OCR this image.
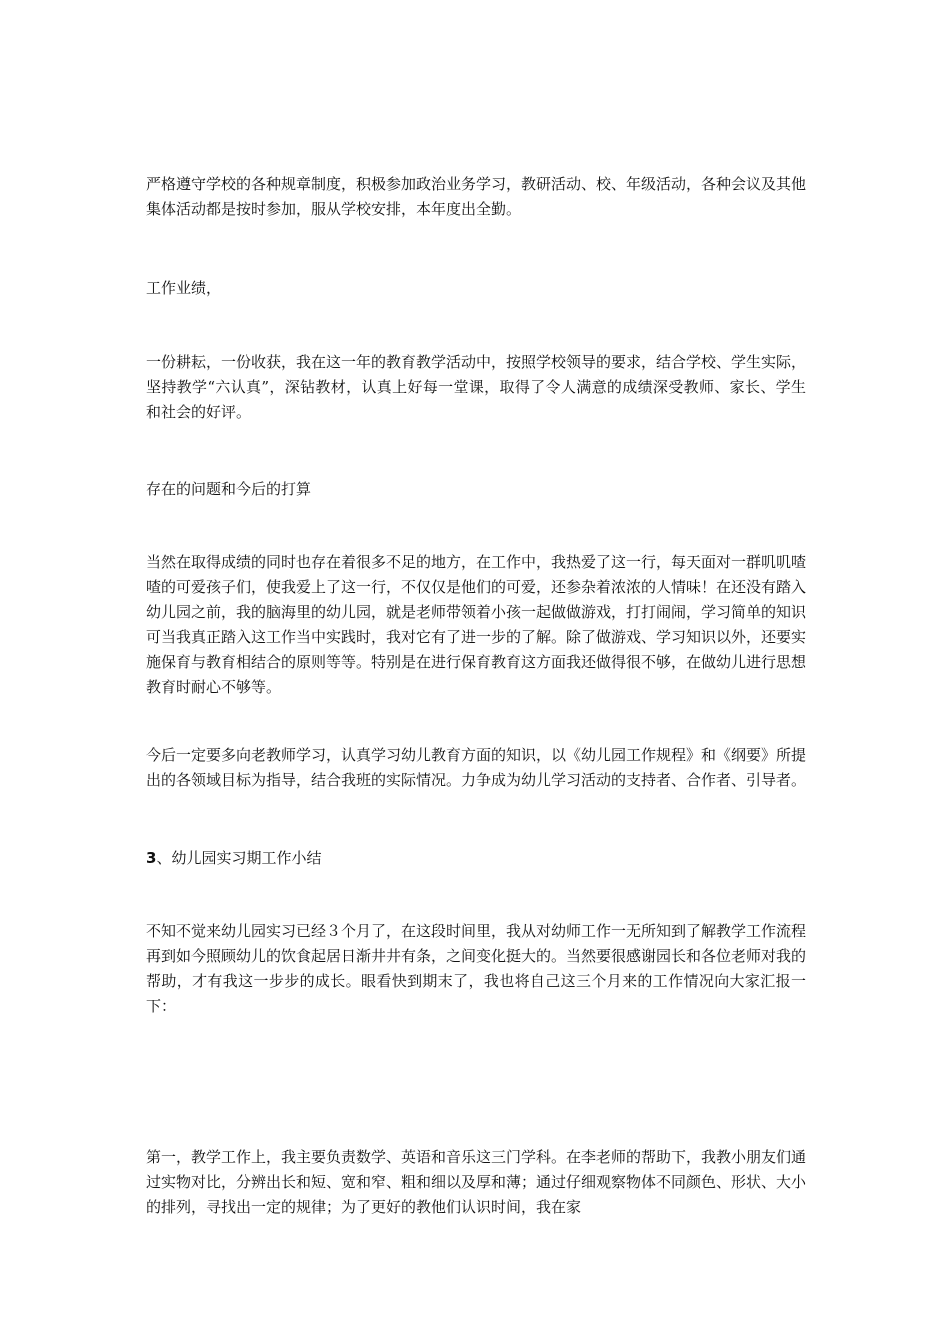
严格遵守学校的各种规章制度，积极参加政治业务学习，教研活动、校、年级活动，各种会议及其他集体活动都是按时参加，服从学校安排，本年度出全勤。

工作业绩，

一份耕耘，一份收获，我在这一年的教育教学活动中，按照学校领导的要求，结合学校、学生实际，坚持教学“六认真”，深钻教材，认真上好每一堂课，取得了令人满意的成绩深受教师、家长、学生和社会的好评。

存在的问题和今后的打算

当然在取得成绩的同时也存在着很多不足的地方，在工作中，我热爱了这一行，每天面对一群叽叽喳喳的可爱孩子们，使我爱上了这一行，不仅仅是他们的可爱，还参杂着浓浓的人情味！在还没有踏入幼儿园之前，我的脑海里的幼儿园，就是老师带领着小孩一起做做游戏，打打闹闹，学习简单的知识可当我真正踏入这工作当中实践时，我对它有了进一步的了解。除了做游戏、学习知识以外，还要实施保育与教育相结合的原则等等。特别是在进行保育教育这方面我还做得很不够，在做幼儿进行思想教育时耐心不够等。

今后一定要多向老教师学习，认真学习幼儿教育方面的知识，以《幼儿园工作规程》和《纲要》所提出的各领域目标为指导，结合我班的实际情况。力争成为幼儿学习活动的支持者、合作者、引导者。

3、幼儿园实习期工作小结

不知不觉来幼儿园实习已经３个月了，在这段时间里，我从对幼师工作一无所知到了解教学工作流程再到如今照顾幼儿的饮食起居日渐井井有条，之间变化挺大的。当然要很感谢园长和各位老师对我的帮助，才有我这一步步的成长。眼看快到期末了，我也将自己这三个月来的工作情况向大家汇报一下：

第一，教学工作上，我主要负责数学、英语和音乐这三门学科。在李老师的帮助下，我教小朋友们通过实物对比，分辨出长和短、宽和窄、粗和细以及厚和薄；通过仔细观察物体不同颜色、形状、大小的排列，寻找出一定的规律；为了更好的教他们认识时间，我在家
